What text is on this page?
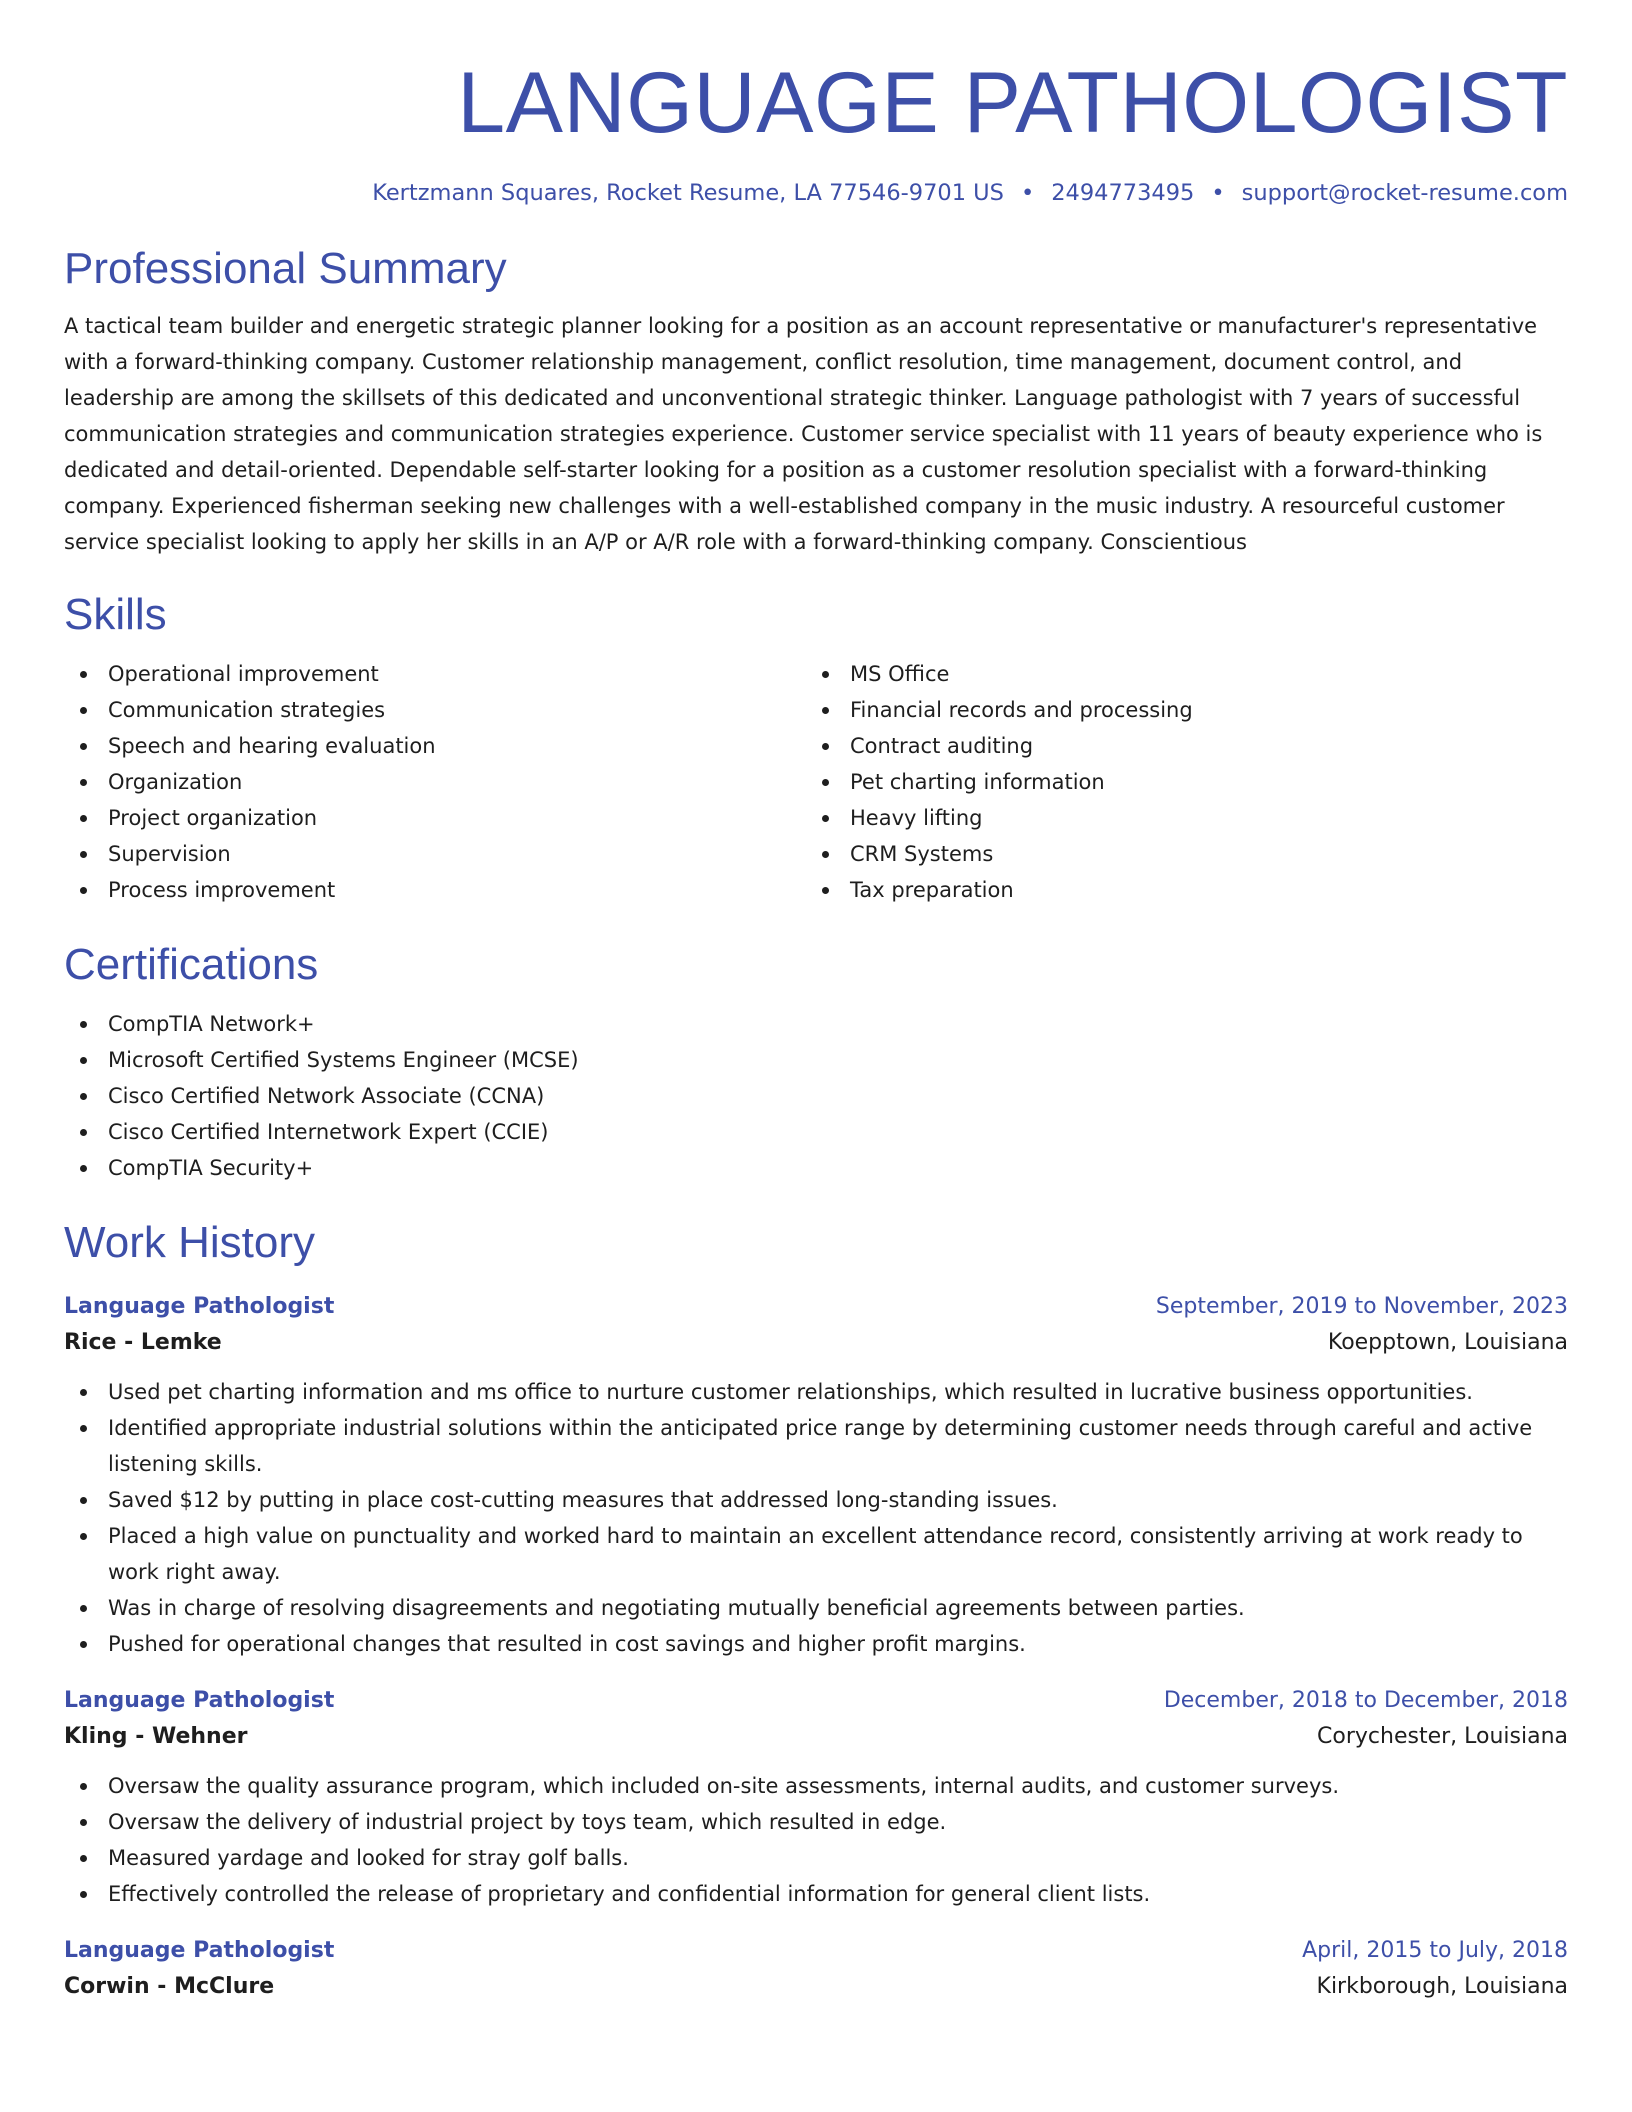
LANGUAGE PATHOLOGIST
Kertzmann Squares, Rocket Resume, LA 77546-9701 US • 2494773495 • support@rocket-resume.com
Professional Summary

A tactical team builder and energetic strategic planner looking for a position as an account representative or manufacturer's representative with a forward-thinking company. Customer relationship management, conflict resolution, time management, document control, and leadership are among the skillsets of this dedicated and unconventional strategic thinker. Language pathologist with 7 years of successful communication strategies and communication strategies experience. Customer service specialist with 11 years of beauty experience who is dedicated and detail-oriented. Dependable self-starter looking for a position as a customer resolution specialist with a forward-thinking company. Experienced fisherman seeking new challenges with a well-established company in the music industry. A resourceful customer service specialist looking to apply her skills in an A/P or A/R role with a forward-thinking company. Conscientious

Skills
Operational improvement
Communication strategies
Speech and hearing evaluation
Organization
Project organization
Supervision
Process improvement
MS Office
Financial records and processing
Contract auditing
Pet charting information
Heavy lifting
CRM Systems
Tax preparation
Certifications
CompTIA Network+
Microsoft Certified Systems Engineer (MCSE)
Cisco Certified Network Associate (CCNA)
Cisco Certified Internetwork Expert (CCIE)
CompTIA Security+
Work History
Language Pathologist	September, 2019 to November, 2023
Rice - Lemke	Koepptown, Louisiana
Used pet charting information and ms office to nurture customer relationships, which resulted in lucrative business opportunities.
Identified appropriate industrial solutions within the anticipated price range by determining customer needs through careful and active listening skills.
Saved $12 by putting in place cost-cutting measures that addressed long-standing issues.
Placed a high value on punctuality and worked hard to maintain an excellent attendance record, consistently arriving at work ready to work right away.
Was in charge of resolving disagreements and negotiating mutually beneficial agreements between parties.
Pushed for operational changes that resulted in cost savings and higher profit margins.
Language Pathologist	December, 2018 to December, 2018
Kling - Wehner	Corychester, Louisiana
Oversaw the quality assurance program, which included on-site assessments, internal audits, and customer surveys.
Oversaw the delivery of industrial project by toys team, which resulted in edge.
Measured yardage and looked for stray golf balls.
Effectively controlled the release of proprietary and confidential information for general client lists.
Language Pathologist	April, 2015 to July, 2018
Corwin - McClure	Kirkborough, Louisiana
